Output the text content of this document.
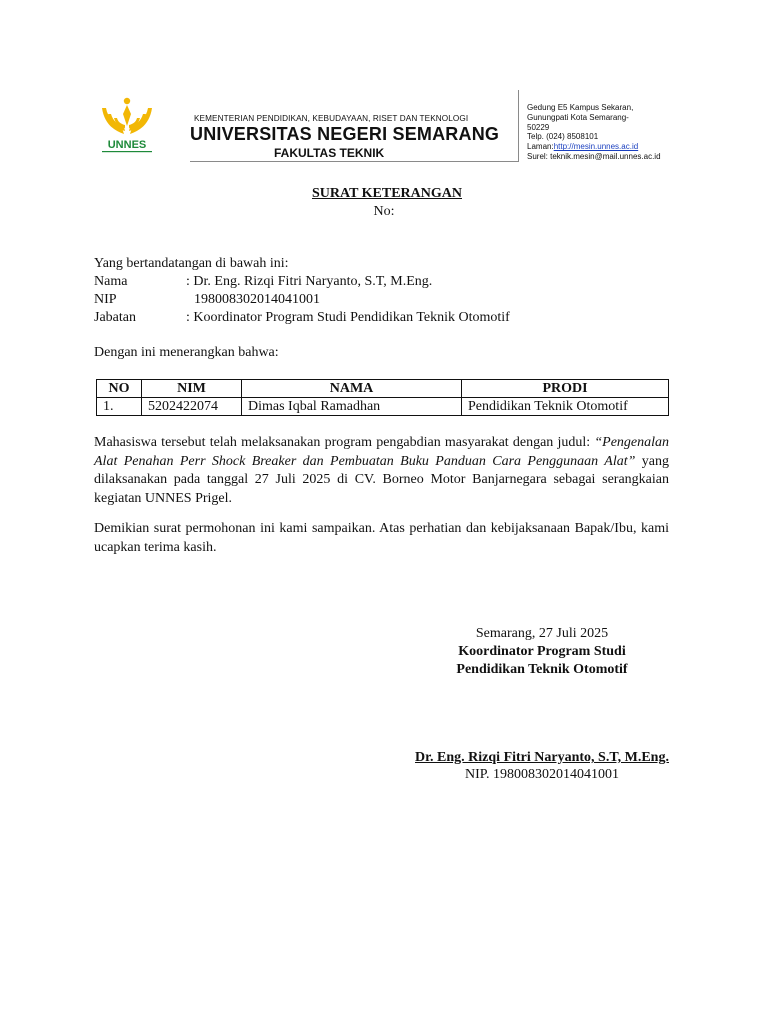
UNNES
KEMENTERIAN PENDIDIKAN, KEBUDAYAAN, RISET DAN TEKNOLOGI
UNIVERSITAS NEGERI SEMARANG
FAKULTAS TEKNIK
Gedung E5 Kampus Sekaran,
Gunungpati Kota Semarang-
50229
Telp. (024) 8508101
Laman:http://mesin.unnes.ac.id
Surel: teknik.mesin@mail.unnes.ac.id
SURAT KETERANGAN
No:
Yang bertandatangan di bawah ini:
Nama	: Dr. Eng. Rizqi Fitri Naryanto, S.T, M.Eng.
NIP	198008302014041001
Jabatan	: Koordinator Program Studi Pendidikan Teknik Otomotif
Dengan ini menerangkan bahwa:
NO	NIM	NAMA	PRODI
1.	5202422074	Dimas Iqbal Ramadhan	Pendidikan Teknik Otomotif
Mahasiswa tersebut telah melaksanakan program pengabdian masyarakat dengan judul: “Pengenalan Alat Penahan Perr Shock Breaker dan Pembuatan Buku Panduan Cara Penggunaan Alat” yang dilaksanakan pada tanggal 27 Juli 2025 di CV. Borneo Motor Banjarnegara sebagai serangkaian kegiatan UNNES Prigel.
Demikian surat permohonan ini kami sampaikan. Atas perhatian dan kebijaksanaan Bapak/Ibu, kami ucapkan terima kasih.
Semarang, 27 Juli 2025
Koordinator Program Studi
Pendidikan Teknik Otomotif
Dr. Eng. Rizqi Fitri Naryanto, S.T, M.Eng.
NIP. 198008302014041001
